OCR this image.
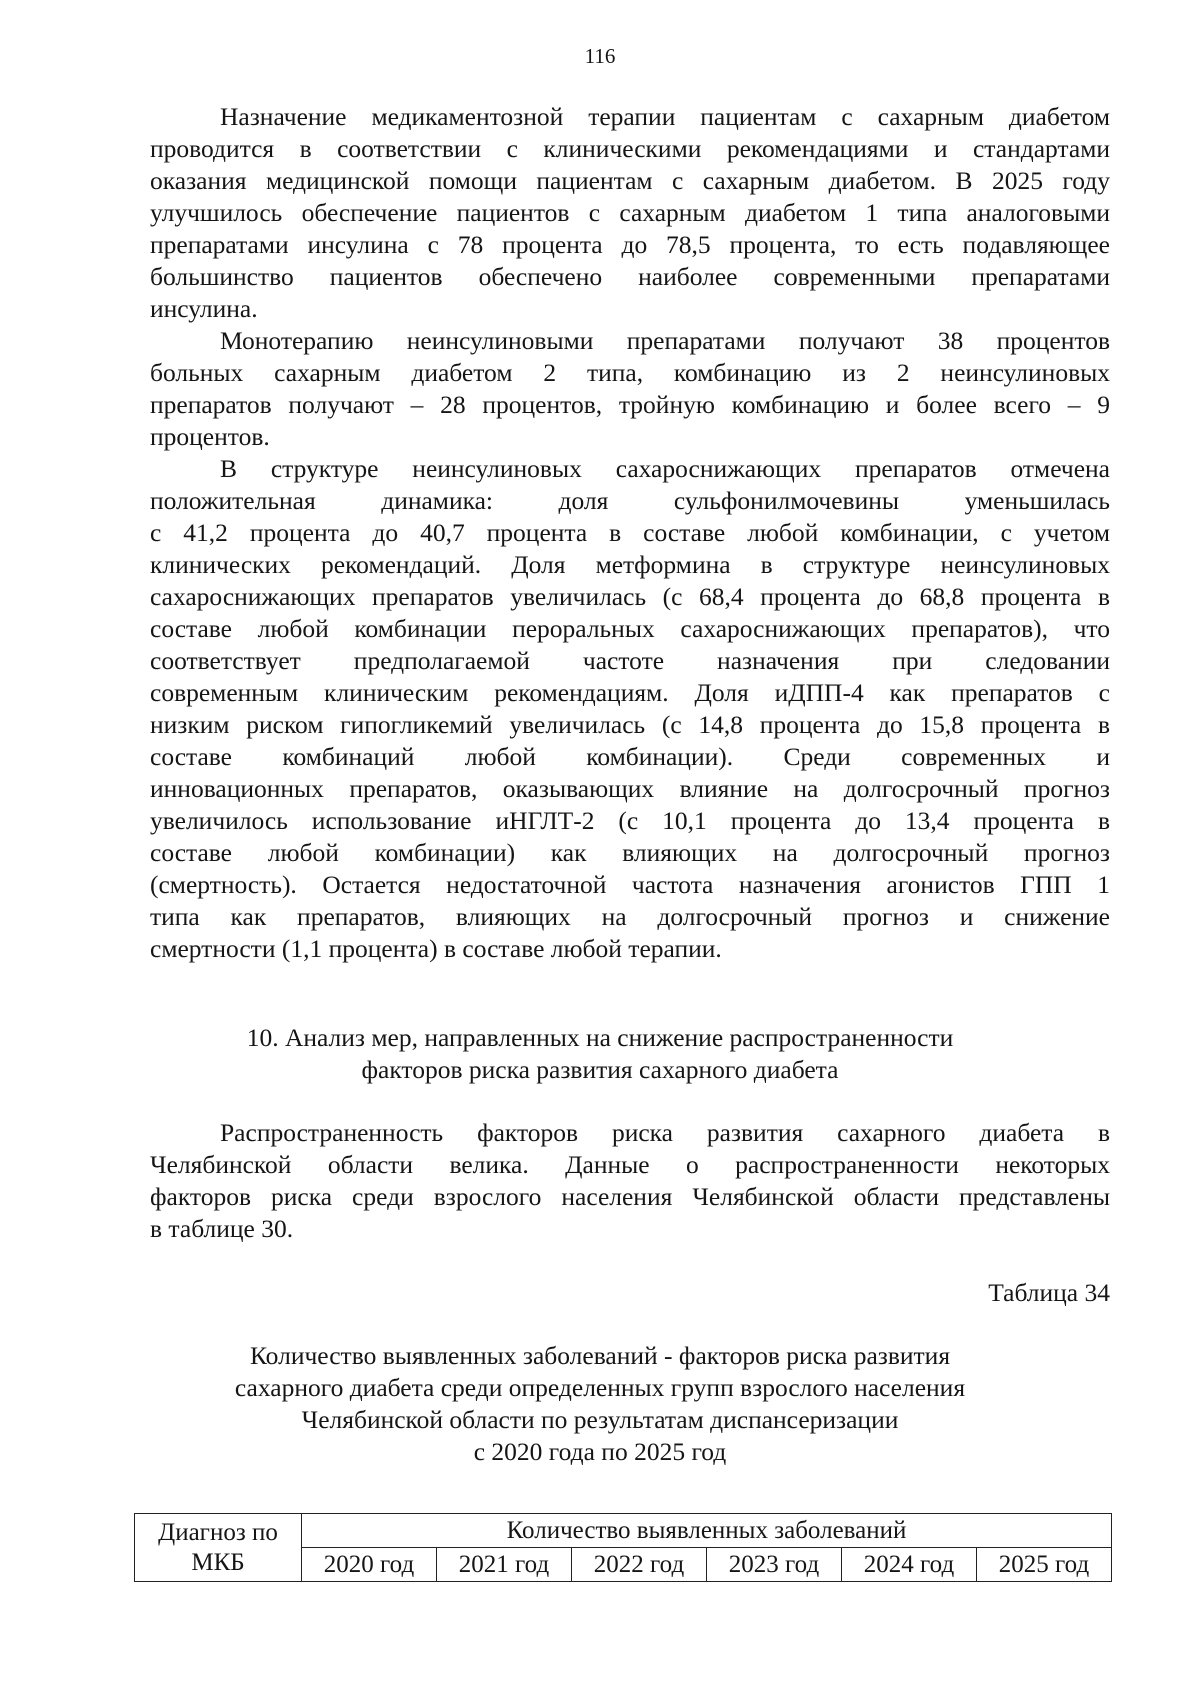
116
Назначение медикаментозной терапии пациентам с сахарным диабетом
проводится в соответствии с клиническими рекомендациями и стандартами
оказания медицинской помощи пациентам с сахарным диабетом. В 2025 году
улучшилось обеспечение пациентов с сахарным диабетом 1 типа аналоговыми
препаратами инсулина с 78 процента до 78,5 процента, то есть подавляющее
большинство пациентов обеспечено наиболее современными препаратами
инсулина.
Монотерапию неинсулиновыми препаратами получают 38 процентов
больных сахарным диабетом 2 типа, комбинацию из 2 неинсулиновых
препаратов получают – 28 процентов, тройную комбинацию и более всего – 9
процентов.
В структуре неинсулиновых сахароснижающих препаратов отмечена
положительная динамика: доля сульфонилмочевины уменьшилась
с 41,2 процента до 40,7 процента в составе любой комбинации, с учетом
клинических рекомендаций. Доля метформина в структуре неинсулиновых
сахароснижающих препаратов увеличилась (с 68,4 процента до 68,8 процента в
составе любой комбинации пероральных сахароснижающих препаратов), что
соответствует предполагаемой частоте назначения при следовании
современным клиническим рекомендациям. Доля иДПП-4 как препаратов с
низким риском гипогликемий увеличилась (с 14,8 процента до 15,8 процента в
составе комбинаций любой комбинации). Среди современных и
инновационных препаратов, оказывающих влияние на долгосрочный прогноз
увеличилось использование иНГЛТ-2 (с 10,1 процента до 13,4 процента в
составе любой комбинации) как влияющих на долгосрочный прогноз
(смертность). Остается недостаточной частота назначения агонистов ГПП 1
типа как препаратов, влияющих на долгосрочный прогноз и снижение
смертности (1,1 процента) в составе любой терапии.
10. Анализ мер, направленных на снижение распространенности
факторов риска развития сахарного диабета
Распространенность факторов риска развития сахарного диабета в
Челябинской области велика. Данные о распространенности некоторых
факторов риска среди взрослого населения Челябинской области представлены
в таблице 30.
Таблица 34
Количество выявленных заболеваний - факторов риска развития
сахарного диабета среди определенных групп взрослого населения
Челябинской области по результатам диспансеризации
с 2020 года по 2025 год
Диагноз по
МКБ	Количество выявленных заболеваний					
	2020 год	2021 год	2022 год	2023 год	2024 год	2025 год
